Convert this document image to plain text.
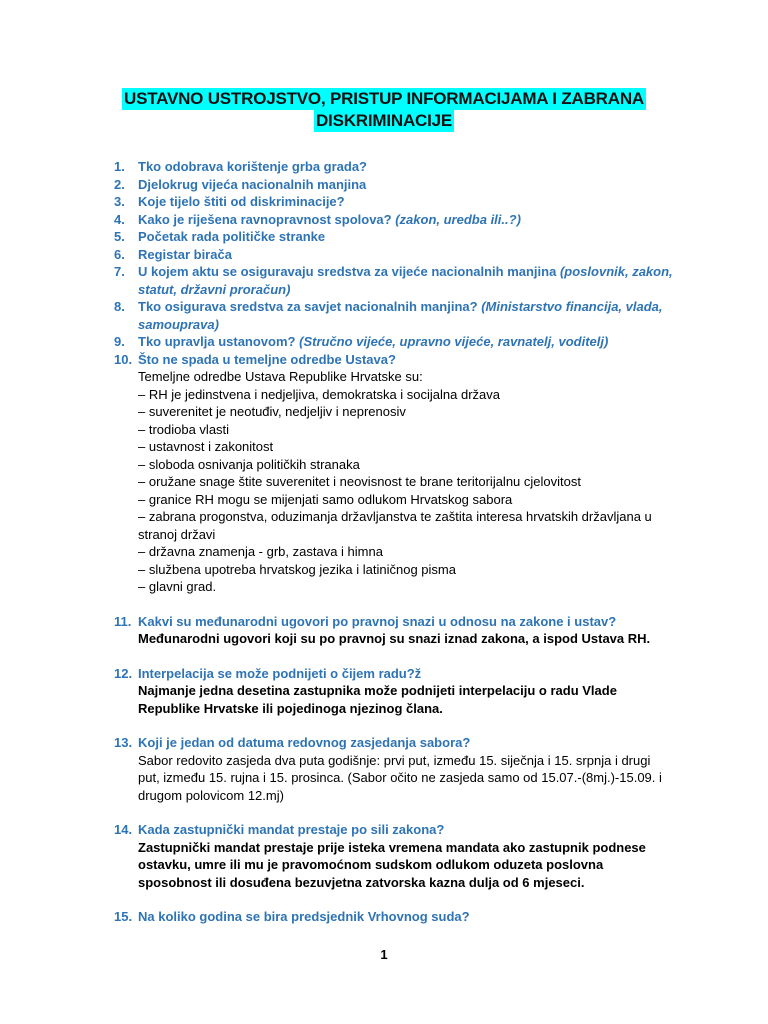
USTAVNO USTROJSTVO, PRISTUP INFORMACIJAMA I ZABRANA
DISKRIMINACIJE
1. Tko odobrava korištenje grba grada?
2. Djelokrug vijeća nacionalnih manjina
3. Koje tijelo štiti od diskriminacije?
4. Kako je riješena ravnopravnost spolova? (zakon, uredba ili..?)
5. Početak rada političke stranke
6. Registar birača
7. U kojem aktu se osiguravaju sredstva za vijeće nacionalnih manjina (poslovnik, zakon, statut, državni proračun)
8. Tko osigurava sredstva za savjet nacionalnih manjina? (Ministarstvo financija, vlada, samouprava)
9. Tko upravlja ustanovom? (Stručno vijeće, upravno vijeće, ravnatelj, voditelj)
10. Što ne spada u temeljne odredbe Ustava?
Temeljne odredbe Ustava Republike Hrvatske su:
– RH je jedinstvena i nedjeljiva, demokratska i socijalna država
– suverenitet je neotuđiv, nedjeljiv i neprenosiv
– trodioba vlasti
– ustavnost i zakonitost
– sloboda osnivanja političkih stranaka
– oružane snage štite suverenitet i neovisnost te brane teritorijalnu cjelovitost
– granice RH mogu se mijenjati samo odlukom Hrvatskog sabora
– zabrana progonstva, oduzimanja državljanstva te zaštita interesa hrvatskih državljana u stranoj državi
– državna znamenja - grb, zastava i himna
– službena upotreba hrvatskog jezika i latiničnog pisma
– glavni grad.
11. Kakvi su međunarodni ugovori po pravnoj snazi u odnosu na zakone i ustav?
Međunarodni ugovori koji su po pravnoj su snazi iznad zakona, a ispod Ustava RH.
12. Interpelacija se može podnijeti o čijem radu?ž
Najmanje jedna desetina zastupnika može podnijeti interpelaciju o radu Vlade Republike Hrvatske ili pojedinoga njezinog člana.
13. Koji je jedan od datuma redovnog zasjedanja sabora?
Sabor redovito zasjeda dva puta godišnje: prvi put, između 15. siječnja i 15. srpnja i drugi put, između 15. rujna i 15. prosinca. (Sabor očito ne zasjeda samo od 15.07.-(8mj.)-15.09. i drugom polovicom 12.mj)
14. Kada zastupnički mandat prestaje po sili zakona?
Zastupnički mandat prestaje prije isteka vremena mandata ako zastupnik podnese ostavku, umre ili mu je pravomoćnom sudskom odlukom oduzeta poslovna sposobnost ili dosuđena bezuvjetna zatvorska kazna dulja od 6 mjeseci.
15. Na koliko godina se bira predsjednik Vrhovnog suda?
1
